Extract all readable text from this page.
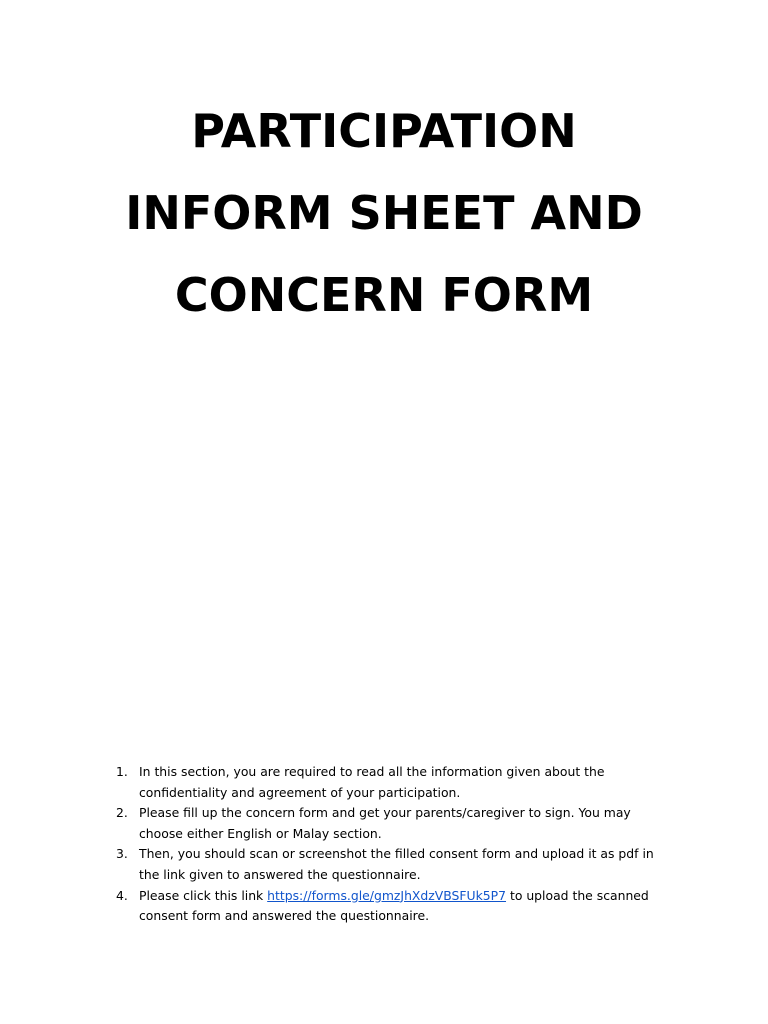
PARTICIPATION
INFORM SHEET AND
CONCERN FORM
1. In this section, you are required to read all the information given about the confidentiality and agreement of your participation.
2. Please fill up the concern form and get your parents/caregiver to sign. You may choose either English or Malay section.
3. Then, you should scan or screenshot the filled consent form and upload it as pdf in the link given to answered the questionnaire.
4. Please click this link https://forms.gle/gmzJhXdzVBSFUk5P7 to upload the scanned consent form and answered the questionnaire.
